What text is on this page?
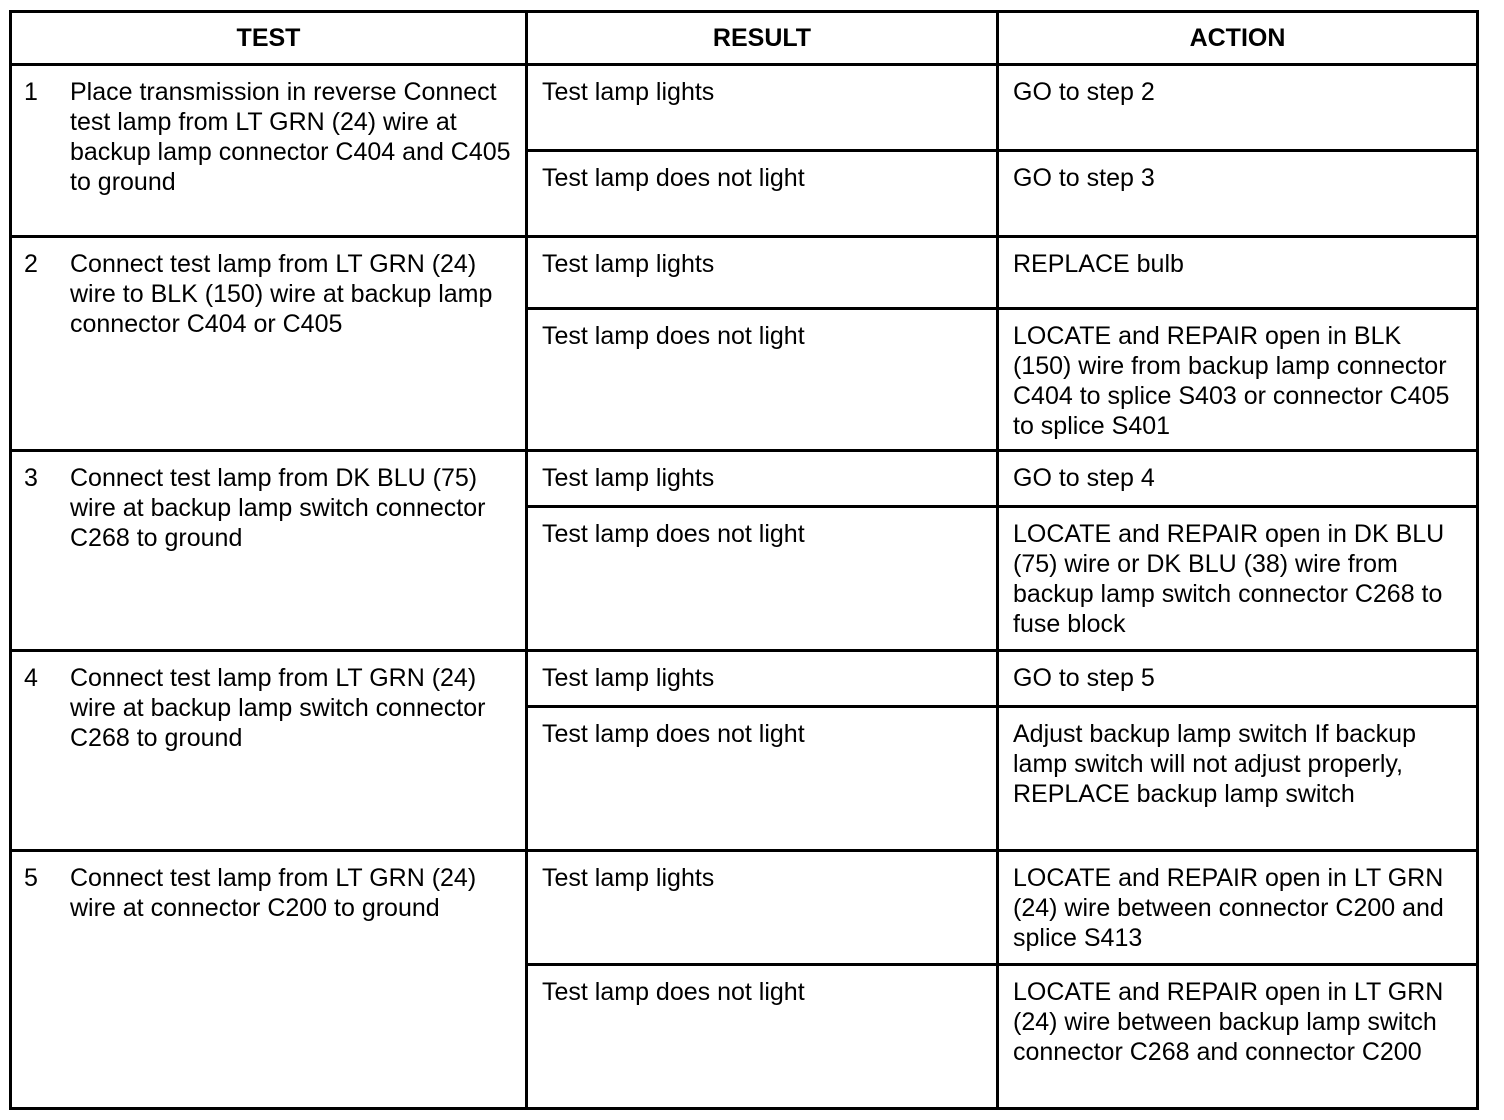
TEST	RESULT	ACTION

1 Place transmission in reverse Connect test lamp from LT GRN (24) wire at backup lamp connector C404 and C405 to ground	Test lamp lights	GO to step 2
	Test lamp does not light	GO to step 3

2 Connect test lamp from LT GRN (24) wire to BLK (150) wire at backup lamp connector C404 or C405	Test lamp lights	REPLACE bulb
	Test lamp does not light	LOCATE and REPAIR open in BLK (150) wire from backup lamp connector C404 to splice S403 or connector C405 to splice S401

3 Connect test lamp from DK BLU (75) wire at backup lamp switch connector C268 to ground	Test lamp lights	GO to step 4
	Test lamp does not light	LOCATE and REPAIR open in DK BLU (75) wire or DK BLU (38) wire from backup lamp switch connector C268 to fuse block

4 Connect test lamp from LT GRN (24) wire at backup lamp switch connector C268 to ground	Test lamp lights	GO to step 5
	Test lamp does not light	Adjust backup lamp switch If backup lamp switch will not adjust properly, REPLACE backup lamp switch

5 Connect test lamp from LT GRN (24) wire at connector C200 to ground	Test lamp lights	LOCATE and REPAIR open in LT GRN (24) wire between connector C200 and splice S413
	Test lamp does not light	LOCATE and REPAIR open in LT GRN (24) wire between backup lamp switch connector C268 and connector C200
